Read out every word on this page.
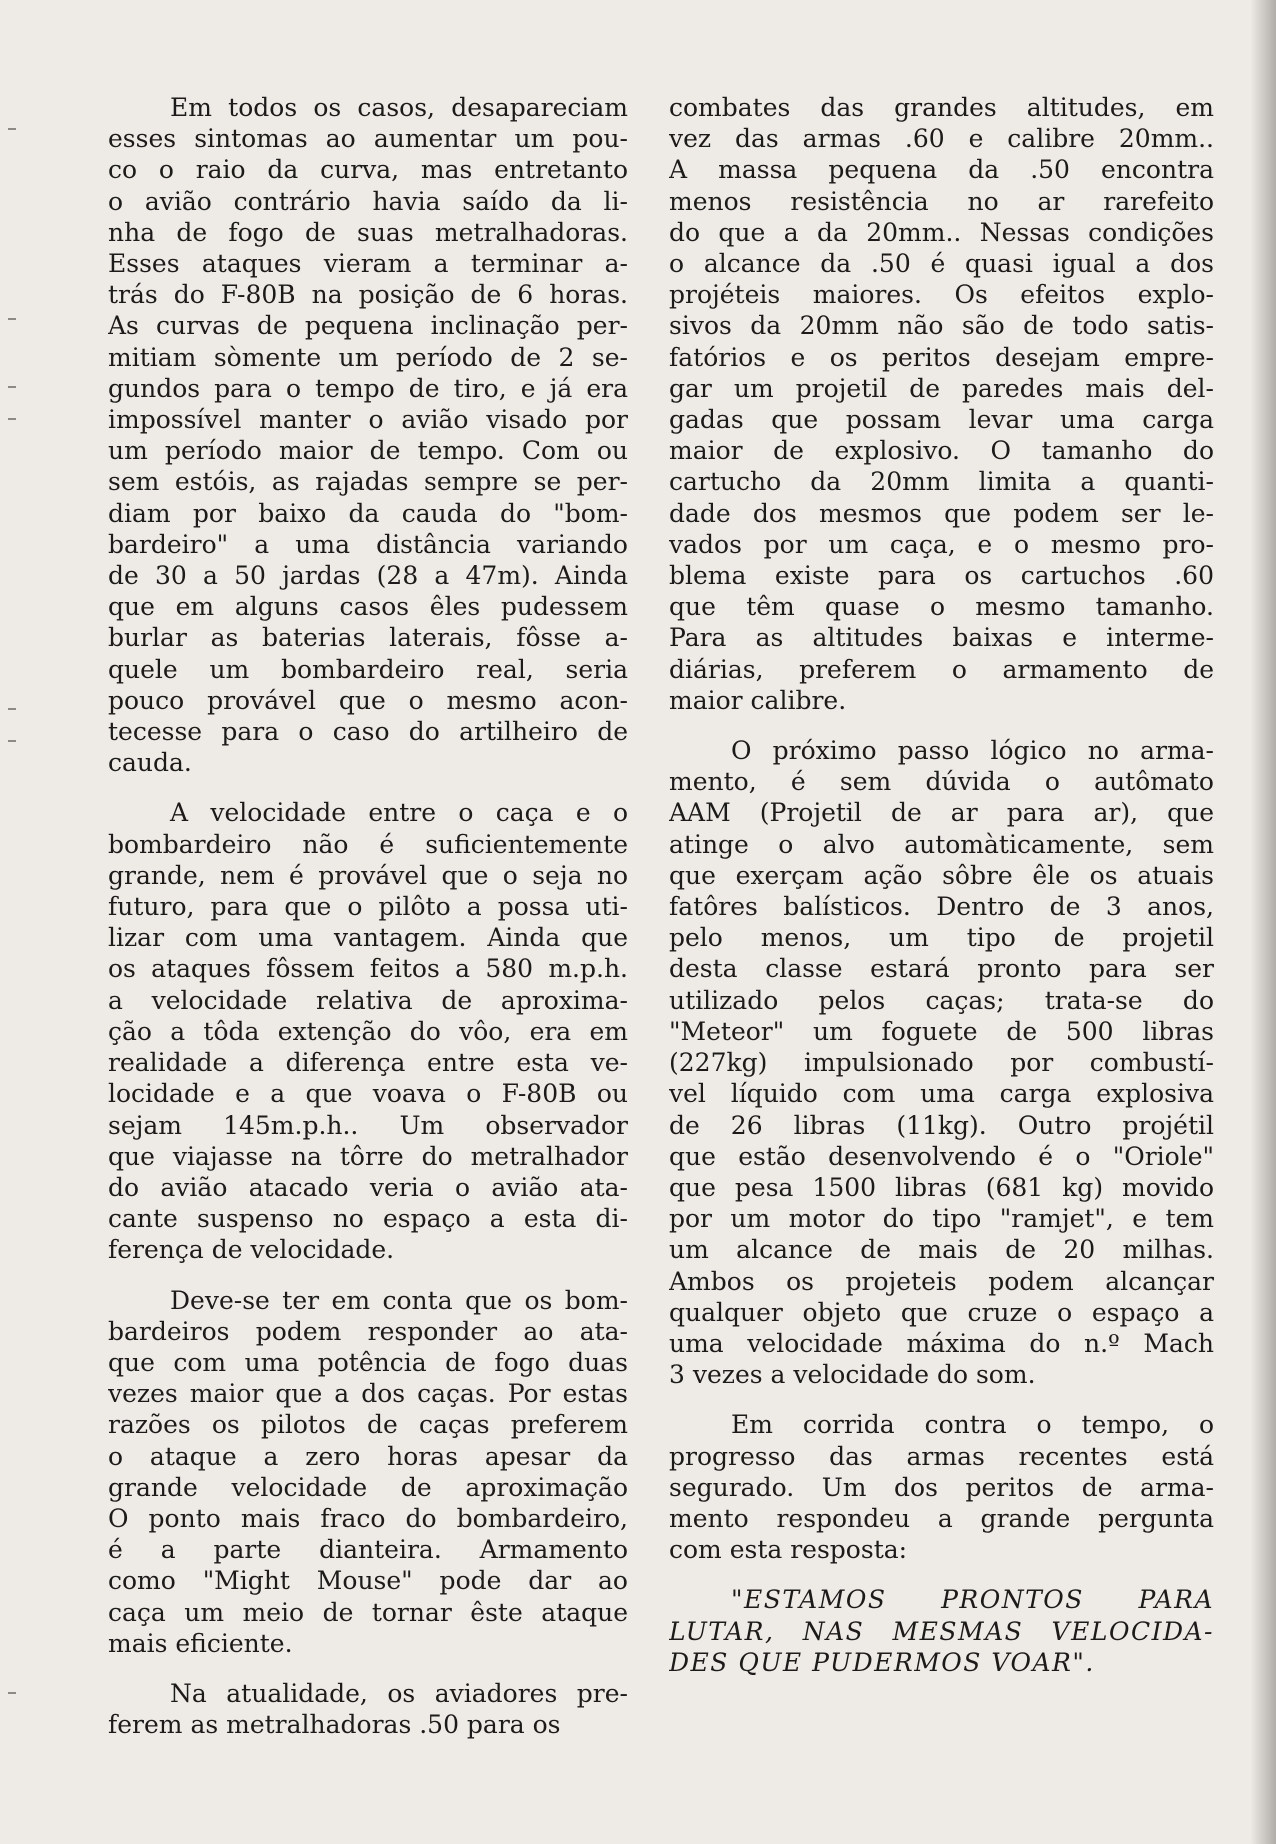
Em todos os casos, desapareciam
esses sintomas ao aumentar um pou-
co o raio da curva, mas entretanto
o avião contrário havia saído da li-
nha de fogo de suas metralhadoras.
Esses ataques vieram a terminar a-
trás do F-80B na posição de 6 horas.
As curvas de pequena inclinação per-
mitiam sòmente um período de 2 se-
gundos para o tempo de tiro, e já era
impossível manter o avião visado por
um período maior de tempo. Com ou
sem estóis, as rajadas sempre se per-
diam por baixo da cauda do "bom-
bardeiro" a uma distância variando
de 30 a 50 jardas (28 a 47m). Ainda
que em alguns casos êles pudessem
burlar as baterias laterais, fôsse a-
quele um bombardeiro real, seria
pouco provável que o mesmo acon-
tecesse para o caso do artilheiro de
cauda.
A velocidade entre o caça e o
bombardeiro não é suficientemente
grande, nem é provável que o seja no
futuro, para que o pilôto a possa uti-
lizar com uma vantagem. Ainda que
os ataques fôssem feitos a 580 m.p.h.
a velocidade relativa de aproxima-
ção a tôda extenção do vôo, era em
realidade a diferença entre esta ve-
locidade e a que voava o F-80B ou
sejam 145m.p.h.. Um observador
que viajasse na tôrre do metralhador
do avião atacado veria o avião ata-
cante suspenso no espaço a esta di-
ferença de velocidade.
Deve-se ter em conta que os bom-
bardeiros podem responder ao ata-
que com uma potência de fogo duas
vezes maior que a dos caças. Por estas
razões os pilotos de caças preferem
o ataque a zero horas apesar da
grande velocidade de aproximação
O ponto mais fraco do bombardeiro,
é a parte dianteira. Armamento
como "Might Mouse" pode dar ao
caça um meio de tornar êste ataque
mais eficiente.
Na atualidade, os aviadores pre-
ferem as metralhadoras .50 para os
combates das grandes altitudes, em
vez das armas .60 e calibre 20mm..
A massa pequena da .50 encontra
menos resistência no ar rarefeito
do que a da 20mm.. Nessas condições
o alcance da .50 é quasi igual a dos
projéteis maiores. Os efeitos explo-
sivos da 20mm não são de todo satis-
fatórios e os peritos desejam empre-
gar um projetil de paredes mais del-
gadas que possam levar uma carga
maior de explosivo. O tamanho do
cartucho da 20mm limita a quanti-
dade dos mesmos que podem ser le-
vados por um caça, e o mesmo pro-
blema existe para os cartuchos .60
que têm quase o mesmo tamanho.
Para as altitudes baixas e interme-
diárias, preferem o armamento de
maior calibre.
O próximo passo lógico no arma-
mento, é sem dúvida o autômato
AAM (Projetil de ar para ar), que
atinge o alvo automàticamente, sem
que exerçam ação sôbre êle os atuais
fatôres balísticos. Dentro de 3 anos,
pelo menos, um tipo de projetil
desta classe estará pronto para ser
utilizado pelos caças; trata-se do
"Meteor" um foguete de 500 libras
(227kg) impulsionado por combustí-
vel líquido com uma carga explosiva
de 26 libras (11kg). Outro projétil
que estão desenvolvendo é o "Oriole"
que pesa 1500 libras (681 kg) movido
por um motor do tipo "ramjet", e tem
um alcance de mais de 20 milhas.
Ambos os projeteis podem alcançar
qualquer objeto que cruze o espaço a
uma velocidade máxima do n.º Mach
3 vezes a velocidade do som.
Em corrida contra o tempo, o
progresso das armas recentes está
segurado. Um dos peritos de arma-
mento respondeu a grande pergunta
com esta resposta:
"ESTAMOS PRONTOS PARA
LUTAR, NAS MESMAS VELOCIDA-
DES QUE PUDERMOS VOAR".
